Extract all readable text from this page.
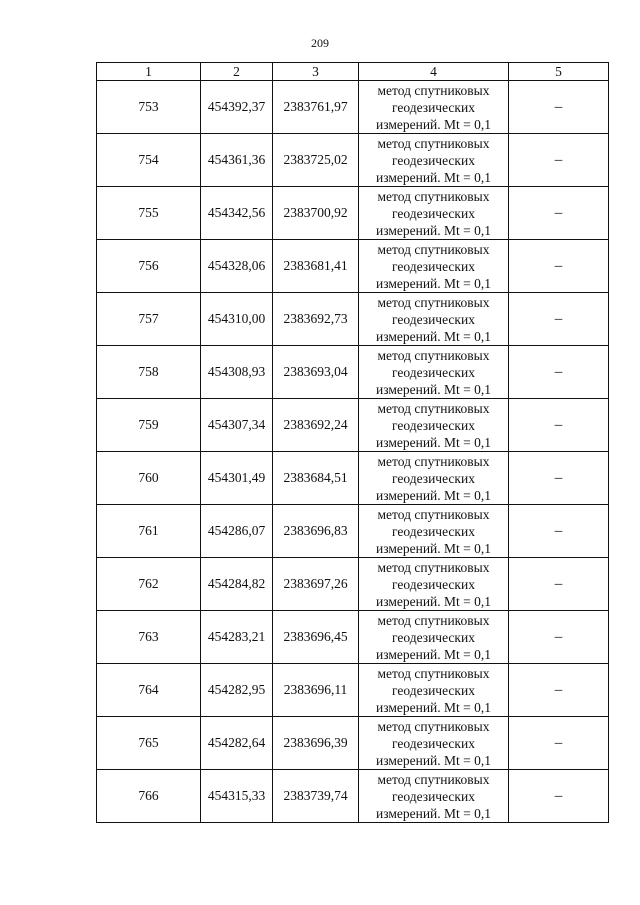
209
1	2	3	4	5
753	454392,37	2383761,97	метод спутниковых
геодезических
измерений. Mt = 0,1	–
754	454361,36	2383725,02	метод спутниковых
геодезических
измерений. Mt = 0,1	–
755	454342,56	2383700,92	метод спутниковых
геодезических
измерений. Mt = 0,1	–
756	454328,06	2383681,41	метод спутниковых
геодезических
измерений. Mt = 0,1	–
757	454310,00	2383692,73	метод спутниковых
геодезических
измерений. Mt = 0,1	–
758	454308,93	2383693,04	метод спутниковых
геодезических
измерений. Mt = 0,1	–
759	454307,34	2383692,24	метод спутниковых
геодезических
измерений. Mt = 0,1	–
760	454301,49	2383684,51	метод спутниковых
геодезических
измерений. Mt = 0,1	–
761	454286,07	2383696,83	метод спутниковых
геодезических
измерений. Mt = 0,1	–
762	454284,82	2383697,26	метод спутниковых
геодезических
измерений. Mt = 0,1	–
763	454283,21	2383696,45	метод спутниковых
геодезических
измерений. Mt = 0,1	–
764	454282,95	2383696,11	метод спутниковых
геодезических
измерений. Mt = 0,1	–
765	454282,64	2383696,39	метод спутниковых
геодезических
измерений. Mt = 0,1	–
766	454315,33	2383739,74	метод спутниковых
геодезических
измерений. Mt = 0,1	–
